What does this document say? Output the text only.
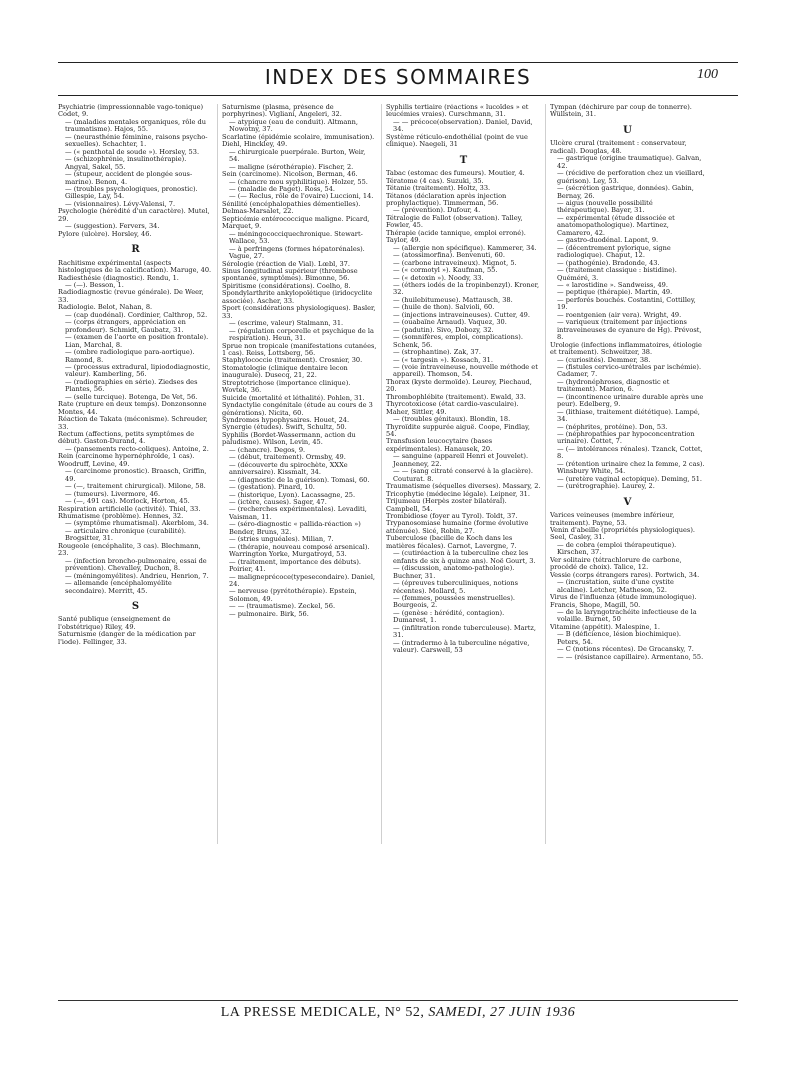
INDEX DES SOMMAIRES	100
Psychiatrie (impressionnable vago-tonique) Codet, 9.
— (maladies mentales organiques, rôle du traumatisme). Hajos, 55.
— (neurasthénie féminine, raisons psycho-sexuelles). Schachter, 1.
— (« penthotal de soude »). Horsley, 53.
— (schizophrénie, insulinothérapie). Angyal, Sakel, 55.
— (stupeur, accident de plongée sous-marine). Benon, 4.
— (troubles psychologiques, pronostic). Gillespie, Lay, 54.
— (visionnaires). Lévy-Valensi, 7.
Psychologie (hérédité d'un caractère). Mutel, 29.
— (suggestion). Fervers, 34.
Pylore (ulcère). Horsley, 46.
R
Rachitisme expérimental (aspects histologiques de la calcification). Maruge, 40.
Radiesthésie (diagnostic). Rendu, 1.
— (—). Besson, 1.
Radiodiagnostic (revue générale). De Weer, 33.
Radiologie. Belot, Nahan, 8.
— (cap duodénal). Cordinier, Calthrop, 52.
— (corps étrangers, appréciation en profondeur). Schmidt, Gaubatz, 31.
— (examen de l'aorte en position frontale). Lian, Marchal, 8.
— (ombre radiologique para-aortique). Ramond, 8.
— (processus extradural, lipiododiagnostic, valeur). Kamberling, 56.
— (radiographies en série). Ziedses des Plantes, 56.
— (selle turcique). Botenga, De Vet, 56.
Rate (rupture en deux temps). Donzonsonne Montes, 44.
Réaction de Takata (méconisme). Schreuder, 33.
Rectum (affections, petits symptômes de début). Gaston-Durand, 4.
— (pansements recto-coliques). Antoine, 2.
Rein (carcinome hypernéphroïde, 1 cas). Woodruff, Levine, 49.
— (carcinome pronostic). Braasch, Griffin, 49.
— (—, traitement chirurgical). Milone, 58.
— (tumeurs). Livermore, 46.
— (—, 491 cas). Morlock, Horton, 45.
Respiration artificielle (activité). Thiel, 33.
Rhumatisme (problème). Hennes, 32.
— (symptôme rhumatismal). Akerblom, 34.
— articulaire chronique (curabilité). Brogsitter, 31.
Rougeole (encéphalite, 3 cas). Blechmann, 23.
— (infection broncho-pulmonaire, essai de prévention). Chevalley, Duchon, 8.
— (méningomyélites). Andrieu, Henrion, 7.
— allemande (encéphalomyélite secondaire). Merritt, 45.
S
Santé publique (enseignement de l'obstétrique) Riley, 49.
Saturnisme (danger de la médication par l'iode). Fellinger, 33.
Saturnisme (plasma, présence de porphyrines). Vigliani, Angeleri, 32.
— atypique (eau de conduit). Altmann, Nowotny, 37.
Scarlatine (épidémie scolaire, immunisation). Diehl, Hinckley, 49.
— chirurgicale puerpérale. Burton, Weir, 54.
— maligne (sérothérapie). Fischer, 2.
Sein (carcinome). Nicolson, Berman, 46.
— (chancre mou syphilitique). Holzer, 55.
— (maladie de Paget). Ross, 54.
— (— Reclus, rôle de l'ovaire) Luccioni, 14.
Sénilité (encéphalopathies démentielles). Delmas-Marsalet, 22.
Septicémie entérococcique maligne. Picard, Marquet, 9.
— méningococciquechronique. Stewart-Wallace, 53.
— à perfringens (formes hépatorénales). Vague, 27.
Sérologie (réaction de Vial). Lœbl, 37.
Sinus longitudinal supérieur (thrombose spontanée, symptômes). Bimonne, 56.
Spiritisme (considérations). Coelho, 8.
Spondylarthrite ankylopoïétique (iridocyclite associée). Ascher, 33.
Sport (considérations physiologiques). Basler, 33.
— (escrime, valeur) Stalmann, 31.
— (régulation corporelle et psychique de la respiration). Heun, 31.
Sprue non tropicale (manifestations cutanées, 1 cas). Reiss, Lottsberg, 56.
Staphylococcie (traitement). Crosnier, 30.
Stomatologie (clinique dentaire lecon inaugurale). Dusecq, 21, 22.
Streptotrichose (importance clinique). Wovtek, 36.
Suicide (mortalité et léthalité). Pohlen, 31.
Syndactylie congénitale (étude au cours de 3 générations). Nicita, 60.
Syndromes hypophysaires. Houet, 24.
Synergie (études). Swift, Schultz, 50.
Syphilis (Bordet-Wassermann, action du paludisme). Wilson, Levin, 45.
— (chancre). Degos, 9.
— (début, traitement). Ormsby, 49.
— (découverte du spirochète, XXXe anniversaire). Kissmalt, 34.
— (diagnostic de la guérison). Tomasi, 60.
— (gestation). Pinard, 10.
— (historique, Lyon). Lacassagne, 25.
— (ictère, causes). Sager, 47.
— (recherches expérimentales). Levaditi, Vaisman, 11.
— (séro-diagnostic « pallida-réaction ») Bender, Bruns, 32.
— (stries unguéales). Milian, 7.
— (thérapie, nouveau composé arsenical). Warrington Yorke, Murgatroyd, 53.
— (traitement, importance des débuts). Poirier, 41.
— maligneprécoce(typesecondaire). Daniel, 24.
— nerveuse (pyrétothérapie). Epstein, Solomon, 49.
— — (traumatisme). Zeckel, 56.
— pulmonaire. Birk, 56.
Syphilis tertiaire (réactions « lucoïdes » et leucémies vraies). Curschmann, 31.
— — précoce(observation). Daniel, David, 34.
Système réticulo-endothélial (point de vue clinique). Naegeli, 31
T
Tabac (estomac des fumeurs). Moutier, 4.
Tératome (4 cas). Suzuki, 35.
Tétanie (traitement). Holtz, 33.
Tétanos (déclaration après injection prophylactique). Timmerman, 56.
— (prévention). Dufour, 4.
Tétralogie de Fallot (observation). Talley, Fowler, 45.
Thérapie (acide tannique, emploi erroné). Taylor, 49.
— (allergie non spécifique). Kammerer, 34.
— (atossimorfina). Benvenuti, 60.
— (carbone intraveineux). Mignot, 5.
— (« cormotyl »). Kaufman, 55.
— (« detoxin »). Noody, 33.
— (éthers iodés de la tropinbenzyl). Kroner, 32.
— (huilebitumeuse). Mattausch, 38.
— (huile de thon). Salvioli, 60.
— (injections intraveineuses). Cutter, 49.
— (ouabaïne Arnaud). Vaquez, 30.
— (padutin). Sivo, Dobozy, 32.
— (somnifères, emploi, complications). Schenk, 56.
— (strophantine). Zak, 37.
— (« targesin »). Kossach, 31.
— (voie intraveineuse, nouvelle méthode et appareil). Thomson, 54.
Thorax (kyste dermoïde). Leurey, Piechaud, 20.
Thrombophlébite (traitement). Ewald, 33.
Thyrcotoxicose (état cardio-vasculaire). Maher, Sittler, 49.
— (troubles génitaux). Blondin, 18.
Thyroïdite suppurée aiguë. Coope, Findlay, 54.
Transfusion leucocytaire (bases expérimentales). Hanausek, 20.
— sanguine (appareil Henri et Jouvelet). Jeanneney, 22.
— — (sang citraté conservé à la glacière). Couturat. 8.
Traumatisme (séquelles diverses). Massary, 2.
Tricophytie (médecine légale). Leipner, 31.
Trijumeau (Herpès zoster bilatéral). Campbell, 54.
Trombidiose (foyer au Tyrol). Toldt, 37.
Trypanosomiase humaine (forme évolutive atténuée). Sicé, Robin, 27.
Tuberculose (bacille de Koch dans les matières fécales). Carnot, Lavergne, 7.
— (cutiréaction à la tuberculine chez les enfants de six à quinze ans). Noë Gourt, 3.
— (discussion, anatomo-pathologie). Buchner, 31.
— (épreuves tuberculiniques, notions récentes). Mollard, 5.
— (femmes, poussées menstruelles). Bourgeois, 2.
— (genèse : hérédité, contagion). Dumarest, 1.
— (infiltration ronde tuberculeuse). Martz, 31.
— (intradermo à la tuberculine négative, valeur). Carswell, 53
Tympan (déchirure par coup de tonnerre). Wüllstein, 31.
U
Ulcère crural (traitement : conservateur, radical). Douglas, 48.
— gastrique (origine traumatique). Galvan, 42.
— (récidive de perforation chez un vieillard, guérison). Ley, 53.
— (sécrétion gastrique, données). Gabin, Bernay, 26.
— aigus (nouvelle possibilité thérapeutique). Bayer, 31.
— expérimental (étude dissociée et anatomopathologique). Martinez, Camarero, 42.
— gastro-duodénal. Lapont, 9.
— (décentrement pylorique, signe radiologique). Chaput, 12.
— (pathogénie). Bradonde, 43.
— (traitement classique : bistidine). Quéméré, 3.
— « larostidine ». Sandweiss, 49.
— peptique (thérapie). Martin, 49.
— perforés bouchés. Costantini, Cottilley, 19.
— roentgenien (air vera). Wright, 49.
— variqueux (traitement par injections intraveineuses de cyanure de Hg). Prévost, 8.
Urologie (infections inflammatoires, étiologie et traitement). Schweitzer, 38.
— (curiosités). Demmer, 38.
— (fistules cervico-urétrales par ischémie). Cadamer, 7.
— (hydronéphroses, diagnostic et traitement). Marion, 6.
— (incontinence urinaire durable après une peur). Edelberg, 9.
— (lithiase, traitement diététique). Lampé, 34.
— (néphrites, protéine). Don, 53.
— (néphropathies par hypoconcentration urinaire). Cottet, 7.
— (— intolérances rénales). Tzanck, Cottet, 8.
— (rétention urinaire chez la femme, 2 cas). Winsbury White, 54.
— (uretère vaginal ectopique). Deming, 51.
— (urétrographie). Laurey, 2.
V
Varices veineuses (membre inférieur, traitement). Payne, 53.
Venin d'abeille (propriétés physiologiques). Seel, Casley, 31.
— de cobra (emploi thérapeutique). Kirschen, 37.
Ver solitaire (tétrachlorure de carbone, procédé de choix). Talice, 12.
Vessie (corps étrangers rares). Portwich, 34.
— (incrustation, suite d'une cystite alcaline). Letcher, Matheson, 52.
Virus de l'influenza (étude immunologique). Francis, Shope, Magill, 50.
— de la laryngotrachéite infectieuse de la volaille. Burnet, 50
Vitamine (appétit). Malespine, 1.
— B (déficience, lésion biochimique). Peters, 54.
— C (notions récentes). De Gracansky, 7.
— — (résistance capillaire). Armentano, 55.
LA PRESSE MEDICALE, N° 52, SAMEDI, 27 JUIN 1936
